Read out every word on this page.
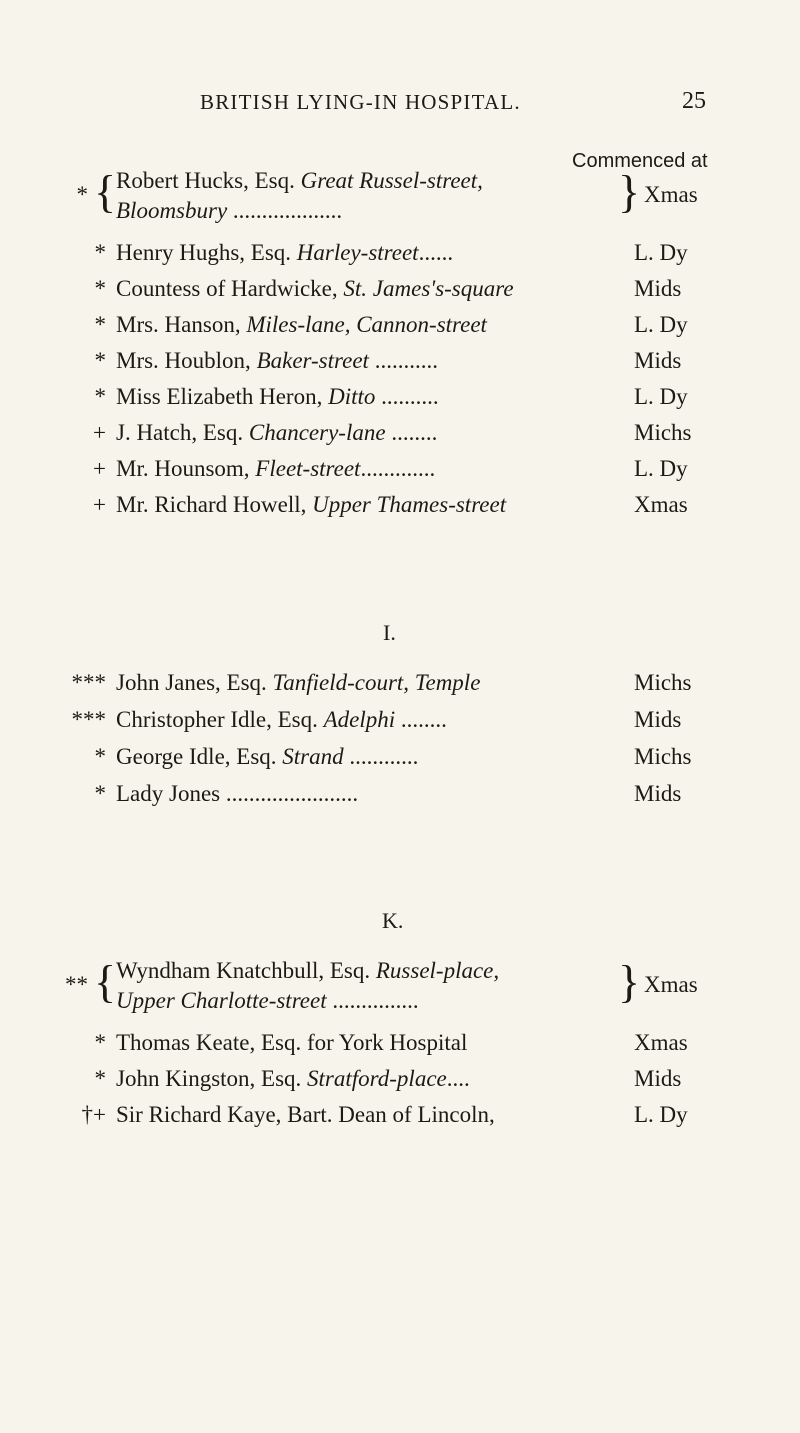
BRITISH LYING-IN HOSPITAL.	25
Commenced at
* { Robert Hucks, Esq. Great Russel-street,
Bloomsbury ...................	} Xmas
* Henry Hughs, Esq. Harley-street......	L. Dy
* Countess of Hardwicke, St. James's-square	Mids
* Mrs. Hanson, Miles-lane, Cannon-street	L. Dy
* Mrs. Houblon, Baker-street ...........	Mids
* Miss Elizabeth Heron, Ditto ..........	L. Dy
+ J. Hatch, Esq. Chancery-lane ........	Michs
+ Mr. Hounsom, Fleet-street.............	L. Dy
+ Mr. Richard Howell, Upper Thames-street	Xmas
I.
*** John Janes, Esq. Tanfield-court, Temple	Michs
*** Christopher Idle, Esq. Adelphi ........	Mids
* George Idle, Esq. Strand ............	Michs
* Lady Jones .......................	Mids
K.
** { Wyndham Knatchbull, Esq. Russel-place,
Upper Charlotte-street ...............	} Xmas
* Thomas Keate, Esq. for York Hospital	Xmas
* John Kingston, Esq. Stratford-place....	Mids
†+ Sir Richard Kaye, Bart. Dean of Lincoln,	L. Dy
